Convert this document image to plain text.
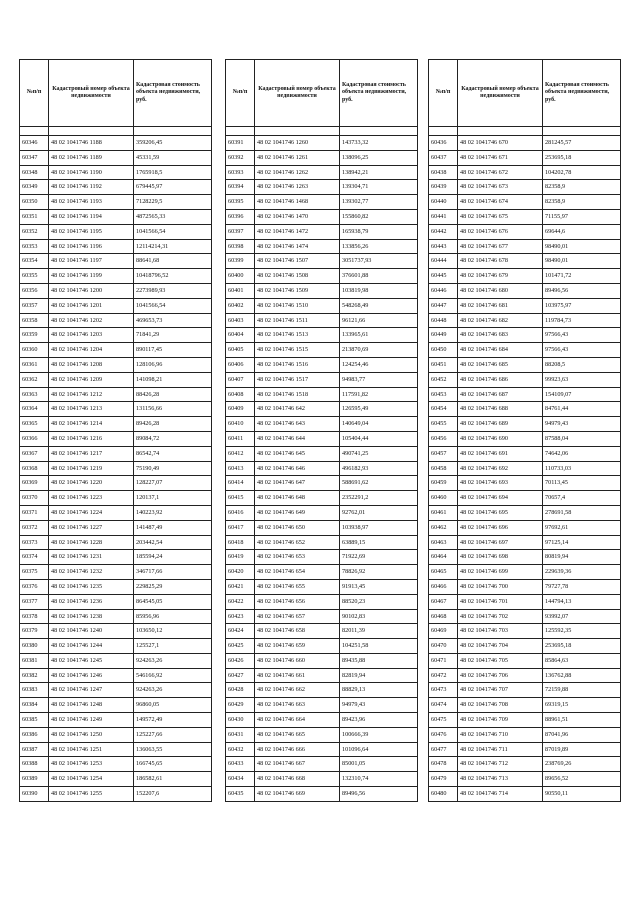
№п/п	Кадастровый номер объекта недвижимости	Кадастровая стоимость объекта недвижимости, руб.

60346	48 02 1041746 1188	359206,45
60347	48 02 1041746 1189	45331,59
60348	48 02 1041746 1190	1765918,5
60349	48 02 1041746 1192	679445,97
60350	48 02 1041746 1193	7128229,5
60351	48 02 1041746 1194	4872565,33
60352	48 02 1041746 1195	1041566,54
60353	48 02 1041746 1196	12114214,31
60354	48 02 1041746 1197	88641,68
60355	48 02 1041746 1199	10418796,52
60356	48 02 1041746 1200	2273989,93
60357	48 02 1041746 1201	1041566,54
60358	48 02 1041746 1202	469653,73
60359	48 02 1041746 1203	71841,29
60360	48 02 1041746 1204	890117,45
60361	48 02 1041746 1208	128106,96
60362	48 02 1041746 1209	141098,21
60363	48 02 1041746 1212	88426,28
60364	48 02 1041746 1213	131156,66
60365	48 02 1041746 1214	89426,28
60366	48 02 1041746 1216	89084,72
60367	48 02 1041746 1217	86542,74
60368	48 02 1041746 1219	75190,49
60369	48 02 1041746 1220	128227,07
60370	48 02 1041746 1223	120137,1
60371	48 02 1041746 1224	140223,92
60372	48 02 1041746 1227	141487,49
60373	48 02 1041746 1228	203442,54
60374	48 02 1041746 1231	185594,24
60375	48 02 1041746 1232	346717,66
60376	48 02 1041746 1235	229825,29
60377	48 02 1041746 1236	864545,05
60378	48 02 1041746 1238	85956,96
60379	48 02 1041746 1240	103650,12
60380	48 02 1041746 1244	125527,1
60381	48 02 1041746 1245	924263,26
60382	48 02 1041746 1246	546166,92
60383	48 02 1041746 1247	924263,26
60384	48 02 1041746 1248	96860,05
60385	48 02 1041746 1249	149572,49
60386	48 02 1041746 1250	125227,66
60387	48 02 1041746 1251	136063,55
60388	48 02 1041746 1253	166745,65
60389	48 02 1041746 1254	186582,61
60390	48 02 1041746 1255	152207,6
№п/п	Кадастровый номер объекта недвижимости	Кадастровая стоимость объекта недвижимости, руб.

60391	48 02 1041746 1260	143733,32
60392	48 02 1041746 1261	138096,25
60393	48 02 1041746 1262	138942,21
60394	48 02 1041746 1263	139304,71
60395	48 02 1041746 1468	139302,77
60396	48 02 1041746 1470	155860,82
60397	48 02 1041746 1472	165938,79
60398	48 02 1041746 1474	133856,26
60399	48 02 1041746 1507	3051737,93
60400	48 02 1041746 1508	376601,88
60401	48 02 1041746 1509	103819,98
60402	48 02 1041746 1510	548268,49
60403	48 02 1041746 1511	96121,66
60404	48 02 1041746 1513	133965,61
60405	48 02 1041746 1515	213870,69
60406	48 02 1041746 1516	124254,46
60407	48 02 1041746 1517	94983,77
60408	48 02 1041746 1518	117591,82
60409	48 02 1041746 642	126595,49
60410	48 02 1041746 643	140649,04
60411	48 02 1041746 644	105404,44
60412	48 02 1041746 645	490741,25
60413	48 02 1041746 646	496182,93
60414	48 02 1041746 647	588691,62
60415	48 02 1041746 648	2352291,2
60416	48 02 1041746 649	92762,01
60417	48 02 1041746 650	103938,97
60418	48 02 1041746 652	63889,15
60419	48 02 1041746 653	71922,69
60420	48 02 1041746 654	78826,92
60421	48 02 1041746 655	91913,45
60422	48 02 1041746 656	88520,23
60423	48 02 1041746 657	90102,83
60424	48 02 1041746 658	82011,39
60425	48 02 1041746 659	104251,58
60426	48 02 1041746 660	89435,88
60427	48 02 1041746 661	82819,94
60428	48 02 1041746 662	88829,13
60429	48 02 1041746 663	94979,43
60430	48 02 1041746 664	89423,96
60431	48 02 1041746 665	100666,39
60432	48 02 1041746 666	101096,64
60433	48 02 1041746 667	85001,05
60434	48 02 1041746 668	132310,74
60435	48 02 1041746 669	89496,56
№п/п	Кадастровый номер объекта недвижимости	Кадастровая стоимость объекта недвижимости, руб.

60436	48 02 1041746 670	281245,57
60437	48 02 1041746 671	253695,18
60438	48 02 1041746 672	104202,78
60439	48 02 1041746 673	82358,9
60440	48 02 1041746 674	82358,9
60441	48 02 1041746 675	71155,97
60442	48 02 1041746 676	69644,6
60443	48 02 1041746 677	98490,01
60444	48 02 1041746 678	98490,01
60445	48 02 1041746 679	101471,72
60446	48 02 1041746 680	89496,56
60447	48 02 1041746 681	103975,97
60448	48 02 1041746 682	119784,73
60449	48 02 1041746 683	97566,43
60450	48 02 1041746 684	97566,43
60451	48 02 1041746 685	88208,5
60452	48 02 1041746 686	99923,63
60453	48 02 1041746 687	154109,07
60454	48 02 1041746 688	84761,44
60455	48 02 1041746 689	94979,43
60456	48 02 1041746 690	87588,04
60457	48 02 1041746 691	74642,06
60458	48 02 1041746 692	110733,03
60459	48 02 1041746 693	70113,45
60460	48 02 1041746 694	70657,4
60461	48 02 1041746 695	278691,58
60462	48 02 1041746 696	97692,61
60463	48 02 1041746 697	97125,14
60464	48 02 1041746 698	80819,94
60465	48 02 1041746 699	229639,36
60466	48 02 1041746 700	79727,78
60467	48 02 1041746 701	144794,13
60468	48 02 1041746 702	93992,07
60469	48 02 1041746 703	125592,35
60470	48 02 1041746 704	253695,18
60471	48 02 1041746 705	85864,63
60472	48 02 1041746 706	136762,88
60473	48 02 1041746 707	72159,88
60474	48 02 1041746 708	69319,15
60475	48 02 1041746 709	88961,51
60476	48 02 1041746 710	87041,96
60477	48 02 1041746 711	87019,89
60478	48 02 1041746 712	238769,26
60479	48 02 1041746 713	89656,52
60480	48 02 1041746 714	90550,11
